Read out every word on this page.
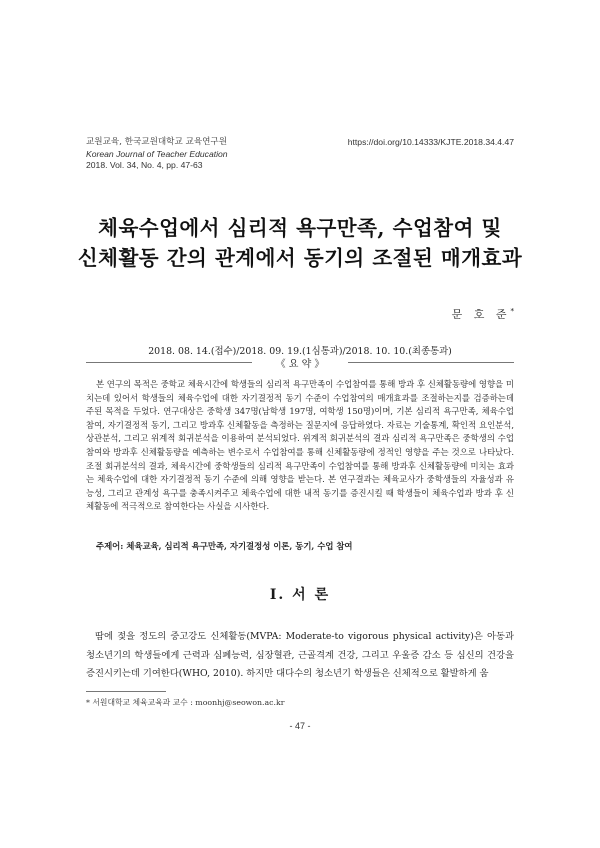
교원교육, 한국교원대학교 교육연구원
Korean Journal of Teacher Education
2018. Vol. 34, No. 4, pp. 47-63
https://doi.org/10.14333/KJTE.2018.34.4.47
체육수업에서 심리적 욕구만족, 수업참여 및
신체활동 간의 관계에서 동기의 조절된 매개효과
문 호 준*
2018. 08. 14.(접수)/2018. 09. 19.(1심통과)/2018. 10. 10.(최종통과)
《 요 약 》

본 연구의 목적은 중학교 체육시간에 학생들의 심리적 욕구만족이 수업참여를 통해 방과 후 신체활동량에 영향을 미치는데 있어서 학생들의 체육수업에 대한 자기결정적 동기 수준이 수업참여의 매개효과를 조절하는지를 검증하는데 주된 목적을 두었다. 연구대상은 중학생 347명(남학생 197명, 여학생 150명)이며, 기본 심리적 욕구만족, 체육수업 참여, 자기결정적 동기, 그리고 방과후 신체활동을 측정하는 질문지에 응답하였다. 자료는 기술통계, 확인적 요인분석, 상관분석, 그리고 위계적 회귀분석을 이용하여 분석되었다. 위계적 회귀분석의 결과 심리적 욕구만족은 중학생의 수업참여와 방과후 신체활동량을 예측하는 변수로서 수업참여를 통해 신체활동량에 정적인 영향을 주는 것으로 나타났다. 조절 회귀분석의 결과, 체육시간에 중학생들의 심리적 욕구만족이 수업참여를 통해 방과후 신체활동량에 미치는 효과는 체육수업에 대한 자기결정적 동기 수준에 의해 영향을 받는다. 본 연구결과는 체육교사가 중학생들의 자율성과 유능성, 그리고 관계성 욕구를 충족시켜주고 체육수업에 대한 내적 동기를 증진시킬 때 학생들이 체육수업과 방과 후 신체활동에 적극적으로 참여한다는 사실을 시사한다.

주제어: 체육교육, 심리적 욕구만족, 자기결정성 이론, 동기, 수업 참여
Ⅰ. 서 론

땀에 젖을 정도의 중고강도 신체활동(MVPA: Moderate-to vigorous physical activity)은 아동과 청소년기의 학생들에게 근력과 심폐능력, 심장혈관, 근골격계 건강, 그리고 우울증 감소 등 심신의 건강을 증진시키는데 기여한다(WHO, 2010). 하지만 대다수의 청소년기 학생들은 신체적으로 활발하게 움

* 서원대학교 체육교육과 교수 : moonhj@seowon.ac.kr
- 47 -
